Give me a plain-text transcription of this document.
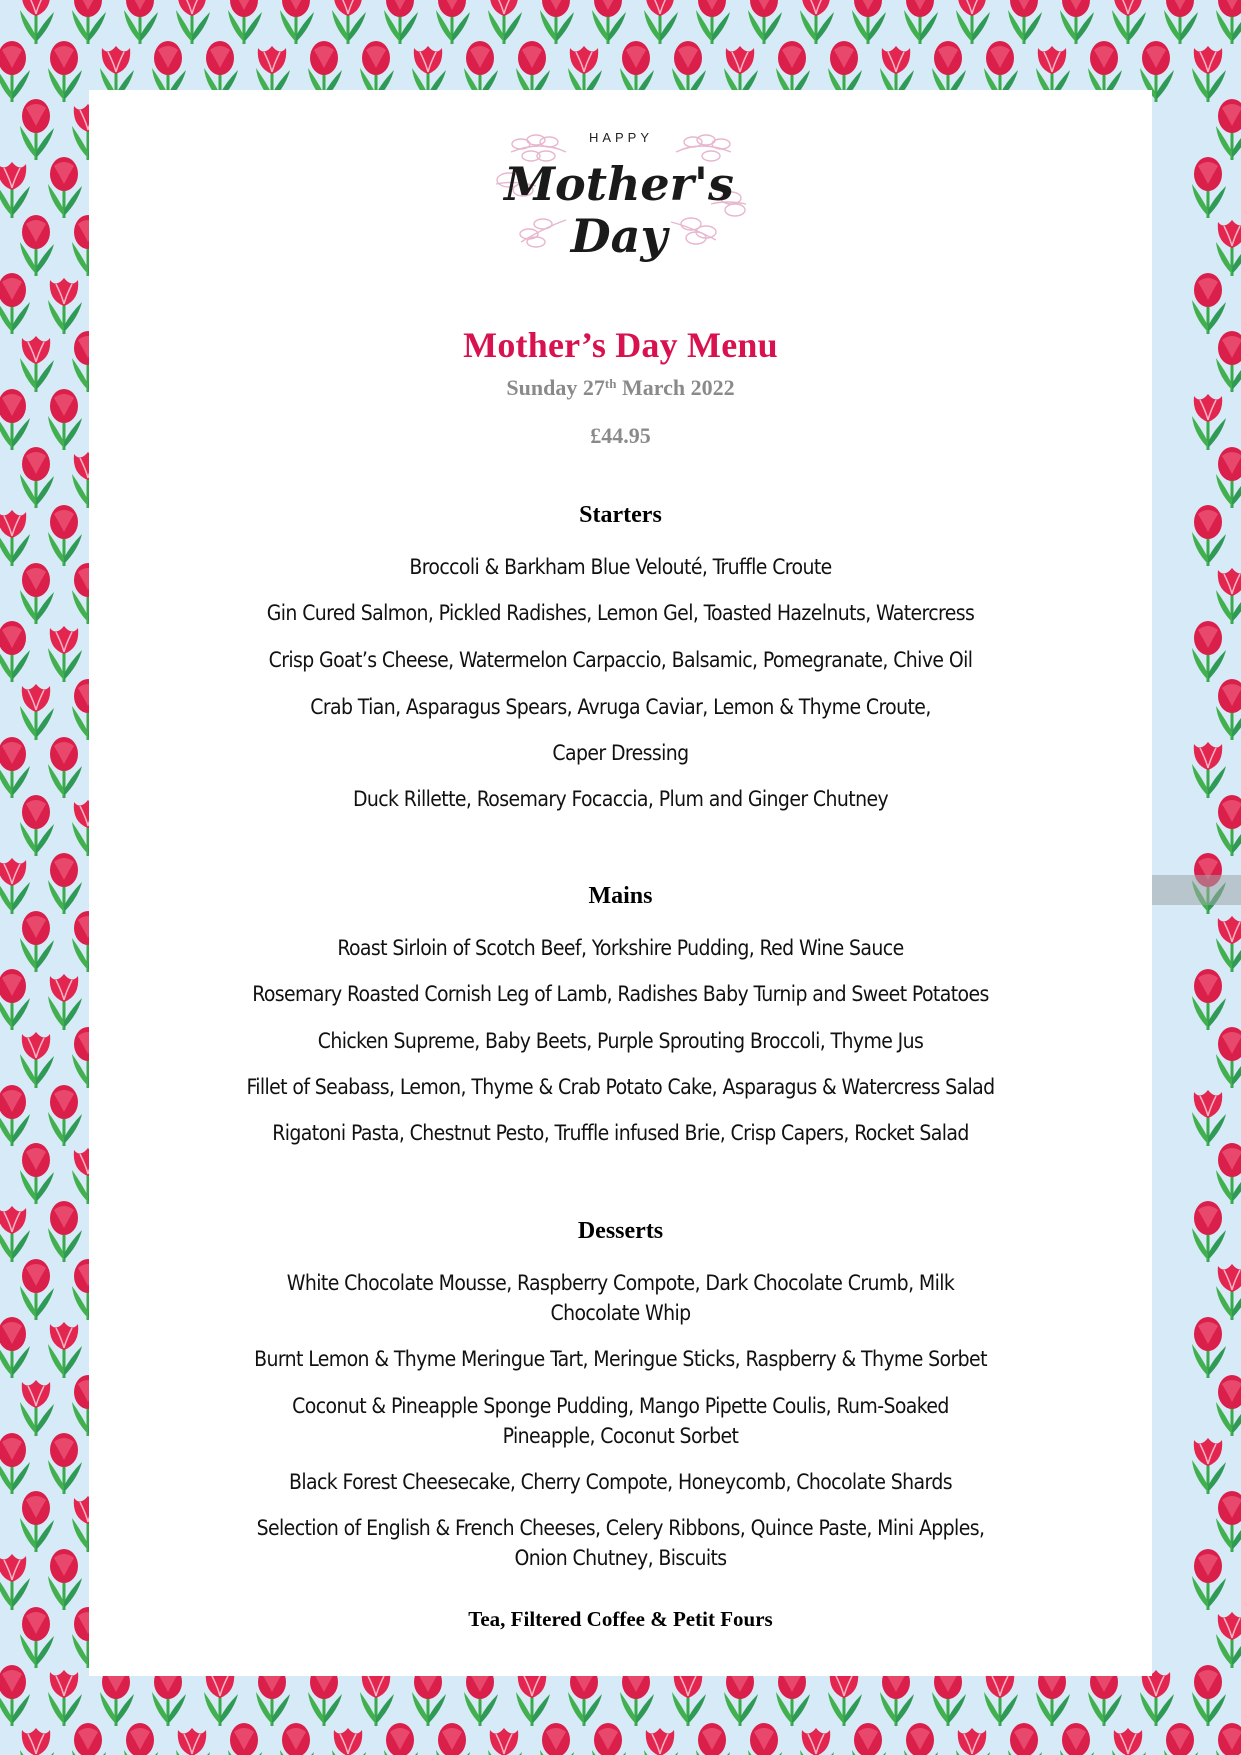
HAPPY
Mother's
Day
Mother’s Day Menu
Sunday 27th March 2022
£44.95
Starters
Broccoli & Barkham Blue Velouté, Truffle Croute
Gin Cured Salmon, Pickled Radishes, Lemon Gel, Toasted Hazelnuts, Watercress
Crisp Goat’s Cheese, Watermelon Carpaccio, Balsamic, Pomegranate, Chive Oil
Crab Tian, Asparagus Spears, Avruga Caviar, Lemon & Thyme Croute,
Caper Dressing
Duck Rillette, Rosemary Focaccia, Plum and Ginger Chutney
Mains
Roast Sirloin of Scotch Beef, Yorkshire Pudding, Red Wine Sauce
Rosemary Roasted Cornish Leg of Lamb, Radishes Baby Turnip and Sweet Potatoes
Chicken Supreme, Baby Beets, Purple Sprouting Broccoli, Thyme Jus
Fillet of Seabass, Lemon, Thyme & Crab Potato Cake, Asparagus & Watercress Salad
Rigatoni Pasta, Chestnut Pesto, Truffle infused Brie, Crisp Capers, Rocket Salad
Desserts
White Chocolate Mousse, Raspberry Compote, Dark Chocolate Crumb, Milk
Chocolate Whip
Burnt Lemon & Thyme Meringue Tart, Meringue Sticks, Raspberry & Thyme Sorbet
Coconut & Pineapple Sponge Pudding, Mango Pipette Coulis, Rum-Soaked
Pineapple, Coconut Sorbet
Black Forest Cheesecake, Cherry Compote, Honeycomb, Chocolate Shards
Selection of English & French Cheeses, Celery Ribbons, Quince Paste, Mini Apples,
Onion Chutney, Biscuits
Tea, Filtered Coffee & Petit Fours
